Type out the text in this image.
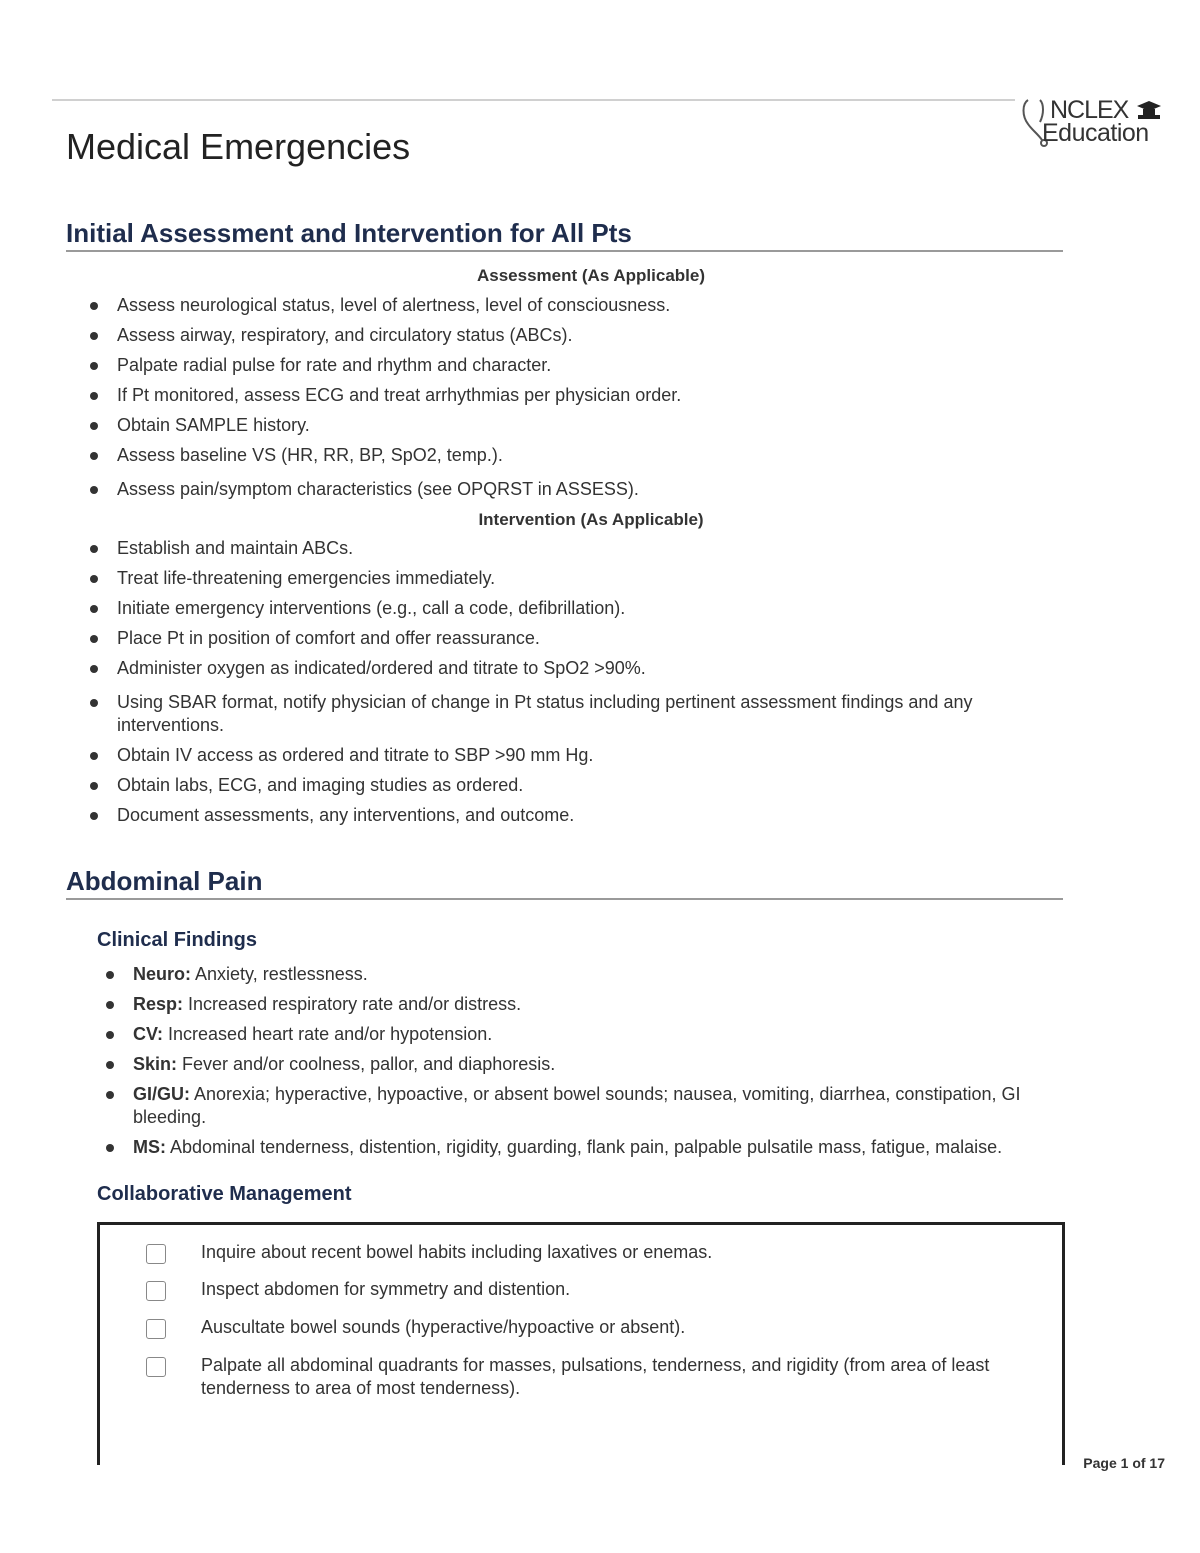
NCLEX
Education
Medical Emergencies
Initial Assessment and Intervention for All Pts
Assessment (As Applicable)
Assess neurological status, level of alertness, level of consciousness.
Assess airway, respiratory, and circulatory status (ABCs).
Palpate radial pulse for rate and rhythm and character.
If Pt monitored, assess ECG and treat arrhythmias per physician order.
Obtain SAMPLE history.
Assess baseline VS (HR, RR, BP, SpO2, temp.).
Assess pain/symptom characteristics (see OPQRST in ASSESS).
Intervention (As Applicable)
Establish and maintain ABCs.
Treat life-threatening emergencies immediately.
Initiate emergency interventions (e.g., call a code, defibrillation).
Place Pt in position of comfort and offer reassurance.
Administer oxygen as indicated/ordered and titrate to SpO2 >90%.
Using SBAR format, notify physician of change in Pt status including pertinent assessment findings and any interventions.
Obtain IV access as ordered and titrate to SBP >90 mm Hg.
Obtain labs, ECG, and imaging studies as ordered.
Document assessments, any interventions, and outcome.
Abdominal Pain
Clinical Findings
Neuro: Anxiety, restlessness.
Resp: Increased respiratory rate and/or distress.
CV: Increased heart rate and/or hypotension.
Skin: Fever and/or coolness, pallor, and diaphoresis.
GI/GU: Anorexia; hyperactive, hypoactive, or absent bowel sounds; nausea, vomiting, diarrhea, constipation, GI bleeding.
MS: Abdominal tenderness, distention, rigidity, guarding, flank pain, palpable pulsatile mass, fatigue, malaise.
Collaborative Management
Inquire about recent bowel habits including laxatives or enemas.
Inspect abdomen for symmetry and distention.
Auscultate bowel sounds (hyperactive/hypoactive or absent).
Palpate all abdominal quadrants for masses, pulsations, tenderness, and rigidity (from area of least tenderness to area of most tenderness).
Page 1 of 17
